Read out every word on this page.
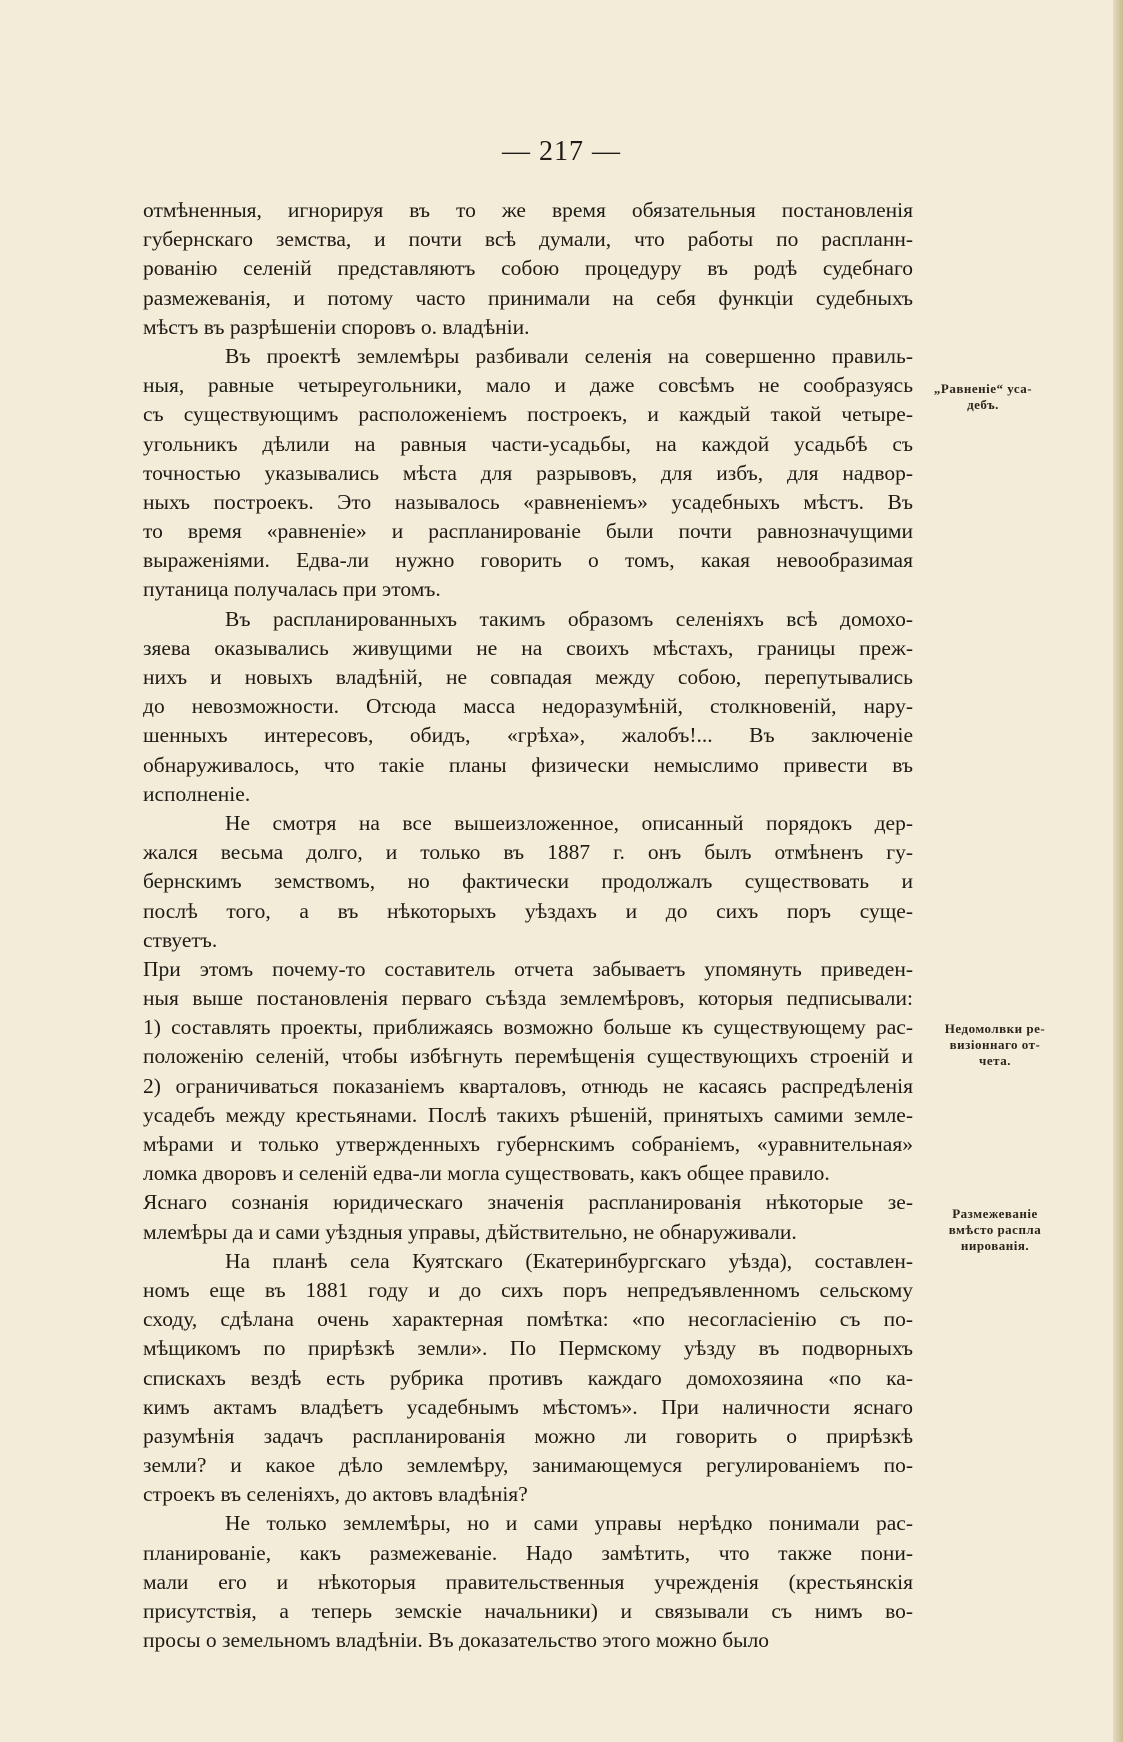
— 217 —
отмѣненныя, игнорируя въ то же время обязательныя постановленія
губернскаго земства, и почти всѣ думали, что работы по распланн-
рованію селеній представляютъ собою процедуру въ родѣ судебнаго
размежеванія, и потому часто принимали на себя функціи судебныхъ
мѣстъ въ разрѣшеніи споровъ о. владѣніи.
Въ проектѣ землемѣры разбивали селенія на совершенно правиль-
ныя, равные четыреугольники, мало и даже совсѣмъ не сообразуясь
съ существующимъ расположеніемъ построекъ, и каждый такой четыре-
угольникъ дѣлили на равныя части-усадьбы, на каждой усадьбѣ съ
точностью указывались мѣста для разрывовъ, для избъ, для надвор-
ныхъ построекъ. Это называлось «равненіемъ» усадебныхъ мѣстъ. Въ
то время «равненіе» и распланированіе были почти равнозначущими
выраженіями. Едва-ли нужно говорить о томъ, какая невообразимая
путаница получалась при этомъ.
Въ распланированныхъ такимъ образомъ селеніяхъ всѣ домохо-
зяева оказывались живущими не на своихъ мѣстахъ, границы преж-
нихъ и новыхъ владѣній, не совпадая между собою, перепутывались
до невозможности. Отсюда масса недоразумѣній, столкновеній, нару-
шенныхъ интересовъ, обидъ, «грѣха», жалобъ!... Въ заключеніе
обнаруживалось, что такіе планы физически немыслимо привести въ
исполненіе.
Не смотря на все вышеизложенное, описанный порядокъ дер-
жался весьма долго, и только въ 1887 г. онъ былъ отмѣненъ гу-
бернскимъ земствомъ, но фактически продолжалъ существовать и
послѣ того, а въ нѣкоторыхъ уѣздахъ и до сихъ поръ суще-
ствуетъ.
При этомъ почему-то составитель отчета забываетъ упомянуть приведен-
ныя выше постановленія перваго съѣзда землемѣровъ, которыя педписывали:
1) составлять проекты, приближаясь возможно больше къ существующему рас-
положенію селеній, чтобы избѣгнуть перемѣщенія существующихъ строеній и
2) ограничиваться показаніемъ кварталовъ, отнюдь не касаясь распредѣленія
усадебъ между крестьянами. Послѣ такихъ рѣшеній, принятыхъ самими земле-
мѣрами и только утвержденныхъ губернскимъ собраніемъ, «уравнительная»
ломка дворовъ и селеній едва-ли могла существовать, какъ общее правило.
Яснаго сознанія юридическаго значенія распланированія нѣкоторые зе-
млемѣры да и сами уѣздныя управы, дѣйствительно, не обнаруживали.
На планѣ села Куятскаго (Екатеринбургскаго уѣзда), составлен-
номъ еще въ 1881 году и до сихъ поръ непредъявленномъ сельскому
сходу, сдѣлана очень характерная помѣтка: «по несогласiенію съ по-
мѣщикомъ по прирѣзкѣ земли». По Пермскому уѣзду въ подворныхъ
спискахъ вездѣ есть рубрика противъ каждаго домохозяина «по ка-
кимъ актамъ владѣетъ усадебнымъ мѣстомъ». При наличности яснаго
разумѣнія задачъ распланированія можно ли говорить о прирѣзкѣ
земли? и какое дѣло землемѣру, занимающемуся регулированіемъ по-
строекъ въ селеніяхъ, до актовъ владѣнія?
Не только землемѣры, но и сами управы нерѣдко понимали рас-
планированіе, какъ размежеваніе. Надо замѣтить, что также пони-
мали его и нѣкоторыя правительственныя учрежденія (крестьянскія
присутствія, а теперь земскіе начальники) и связывали съ нимъ во-
просы о земельномъ владѣніи. Въ доказательство этого можно было
„Равненіе“ уса-
дебъ.
Недомолвки ре-
визіоннаго от-
чета.
Размежеваніе
вмѣсто распла
нированія.
